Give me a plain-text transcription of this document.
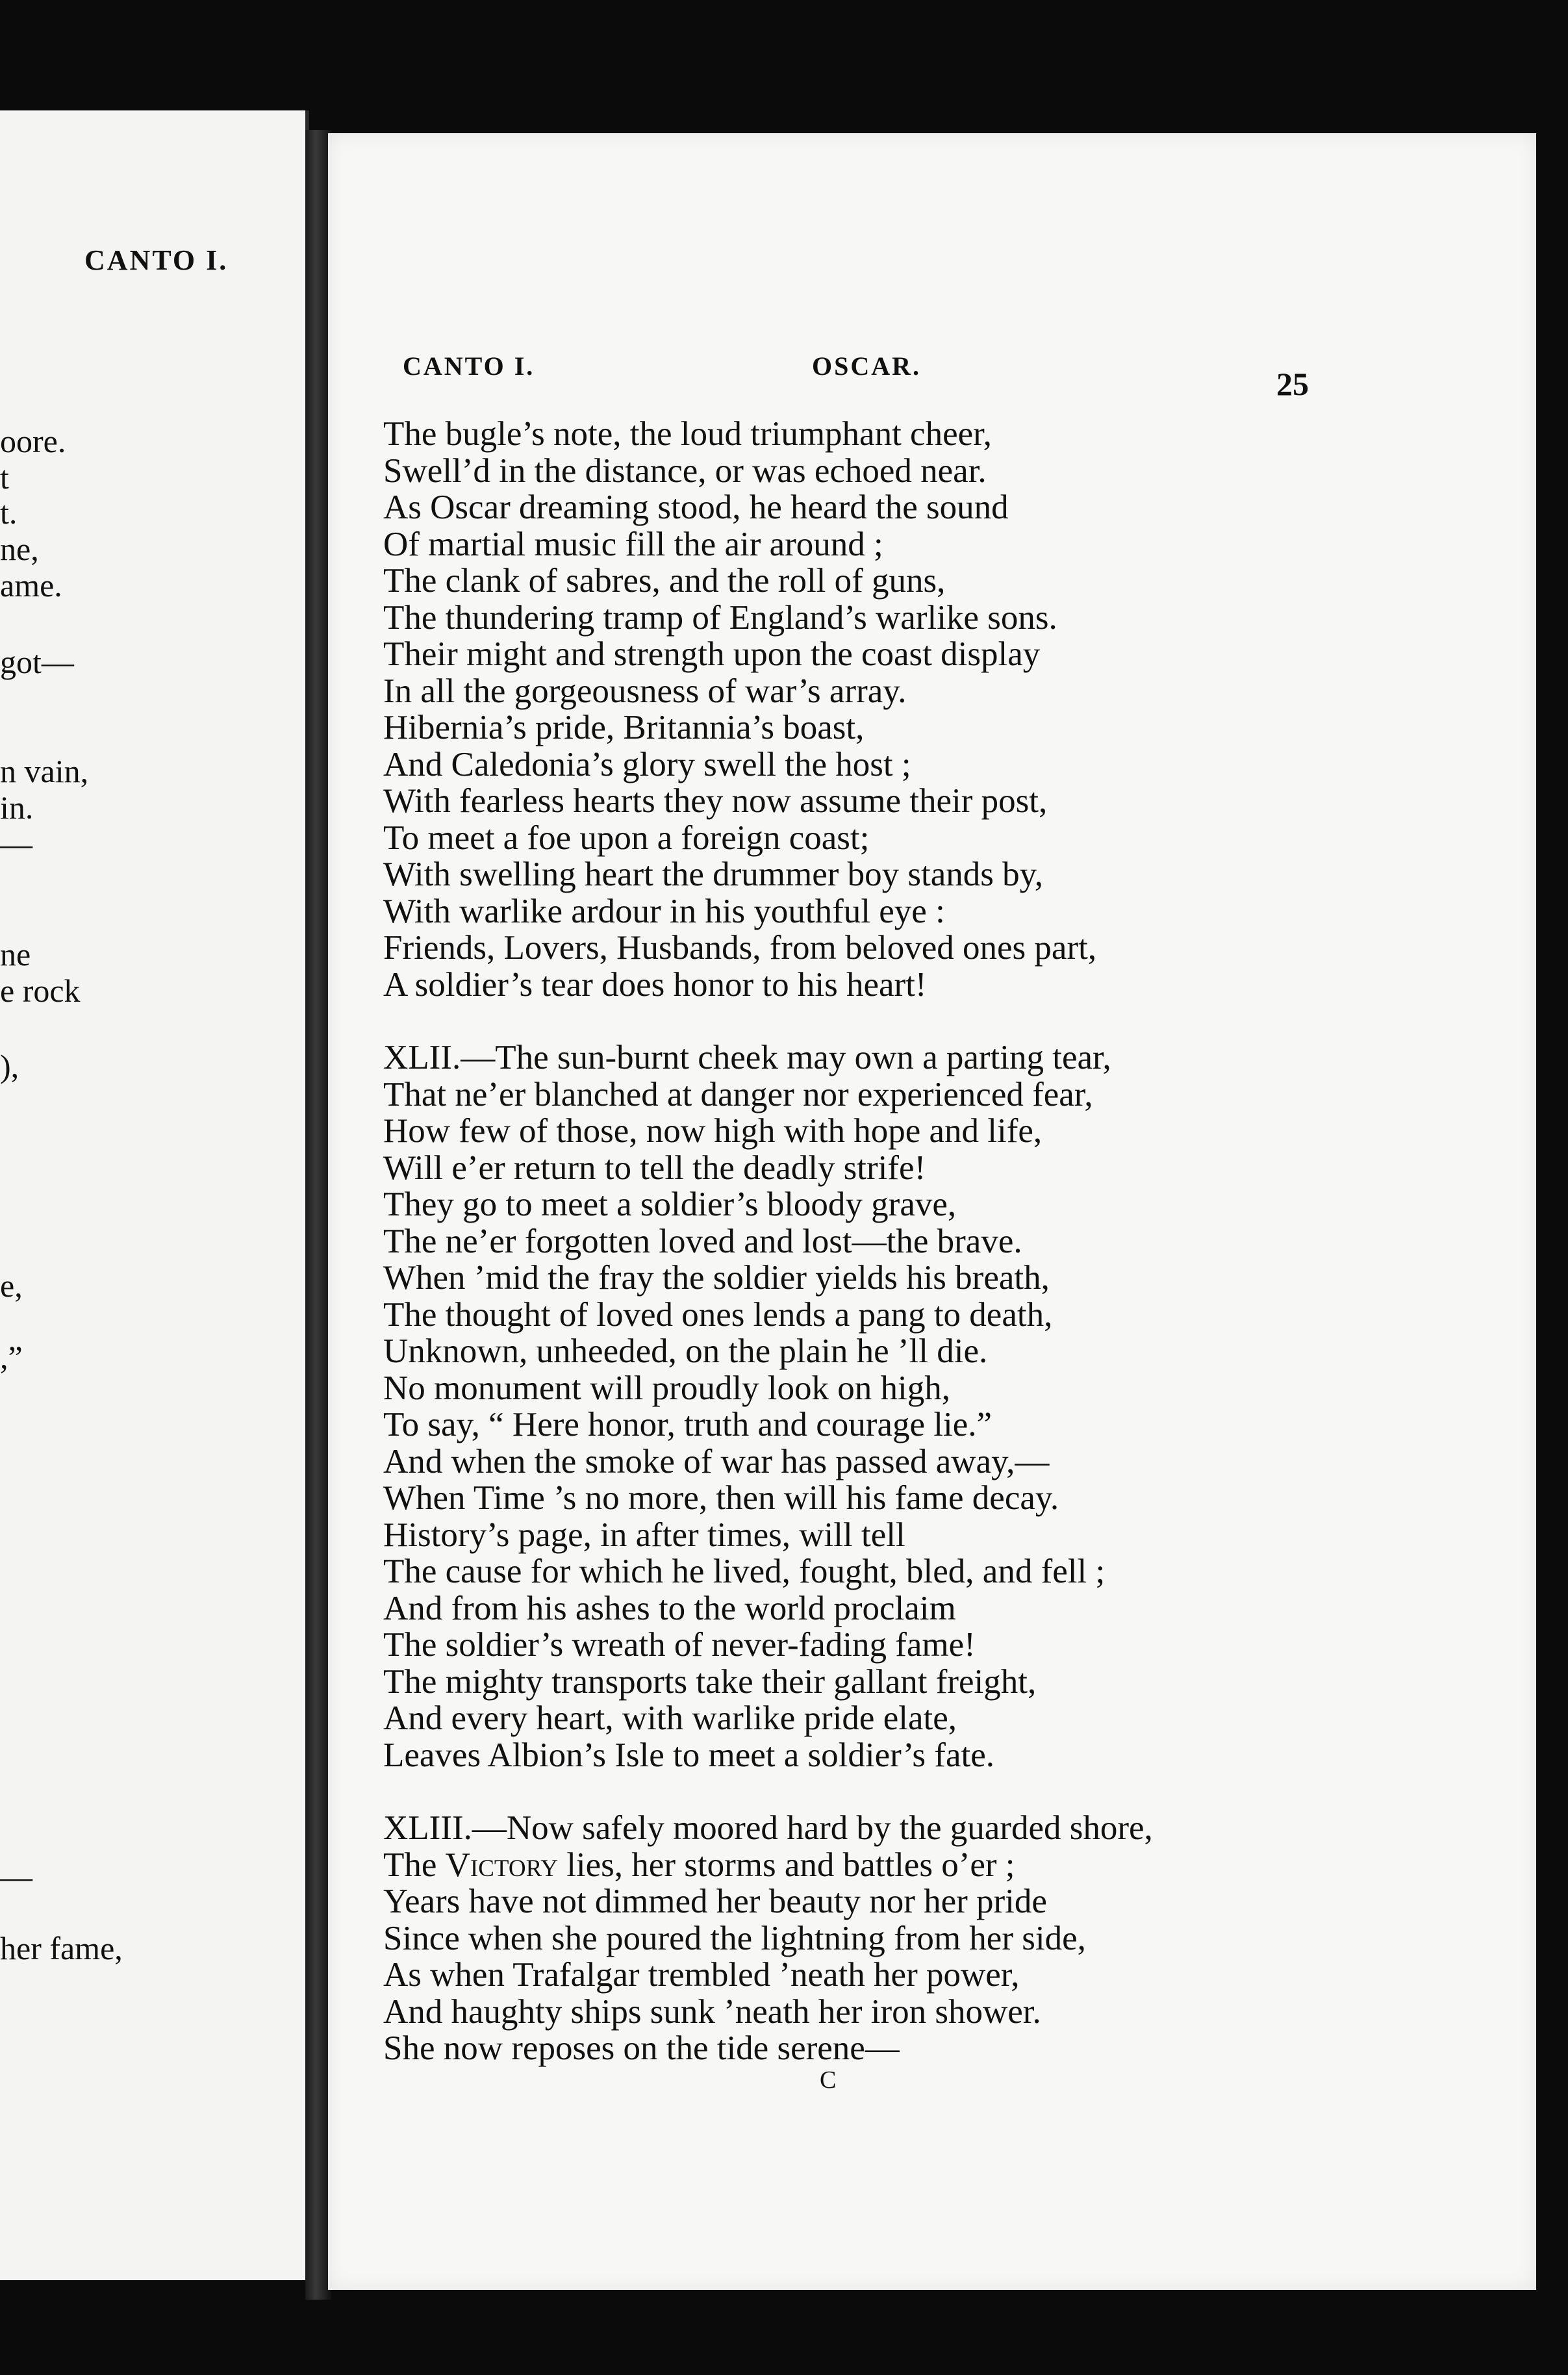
CANTO I.
oore.
t
t.
ne,
ame.
got—
n vain,
in.
—
ne
e rock
),
e,
,”
—
her fame,
CANTO I.	OSCAR.	25
The bugle’s note, the loud triumphant cheer,
Swell’d in the distance, or was echoed near.
As Oscar dreaming stood, he heard the sound
Of martial music fill the air around ;
The clank of sabres, and the roll of guns,
The thundering tramp of England’s warlike sons.
Their might and strength upon the coast display
In all the gorgeousness of war’s array.
Hibernia’s pride, Britannia’s boast,
And Caledonia’s glory swell the host ;
With fearless hearts they now assume their post,
To meet a foe upon a foreign coast;
With swelling heart the drummer boy stands by,
With warlike ardour in his youthful eye :
Friends, Lovers, Husbands, from beloved ones part,
A soldier’s tear does honor to his heart!
XLII.—The sun-burnt cheek may own a parting tear,
That ne’er blanched at danger nor experienced fear,
How few of those, now high with hope and life,
Will e’er return to tell the deadly strife!
They go to meet a soldier’s bloody grave,
The ne’er forgotten loved and lost—the brave.
When ’mid the fray the soldier yields his breath,
The thought of loved ones lends a pang to death,
Unknown, unheeded, on the plain he ’ll die.
No monument will proudly look on high,
To say, “ Here honor, truth and courage lie.”
And when the smoke of war has passed away,—
When Time ’s no more, then will his fame decay.
History’s page, in after times, will tell
The cause for which he lived, fought, bled, and fell ;
And from his ashes to the world proclaim
The soldier’s wreath of never-fading fame!
The mighty transports take their gallant freight,
And every heart, with warlike pride elate,
Leaves Albion’s Isle to meet a soldier’s fate.
XLIII.—Now safely moored hard by the guarded shore,
The Victory lies, her storms and battles o’er ;
Years have not dimmed her beauty nor her pride
Since when she poured the lightning from her side,
As when Trafalgar trembled ’neath her power,
And haughty ships sunk ’neath her iron shower.
She now reposes on the tide serene—
C
